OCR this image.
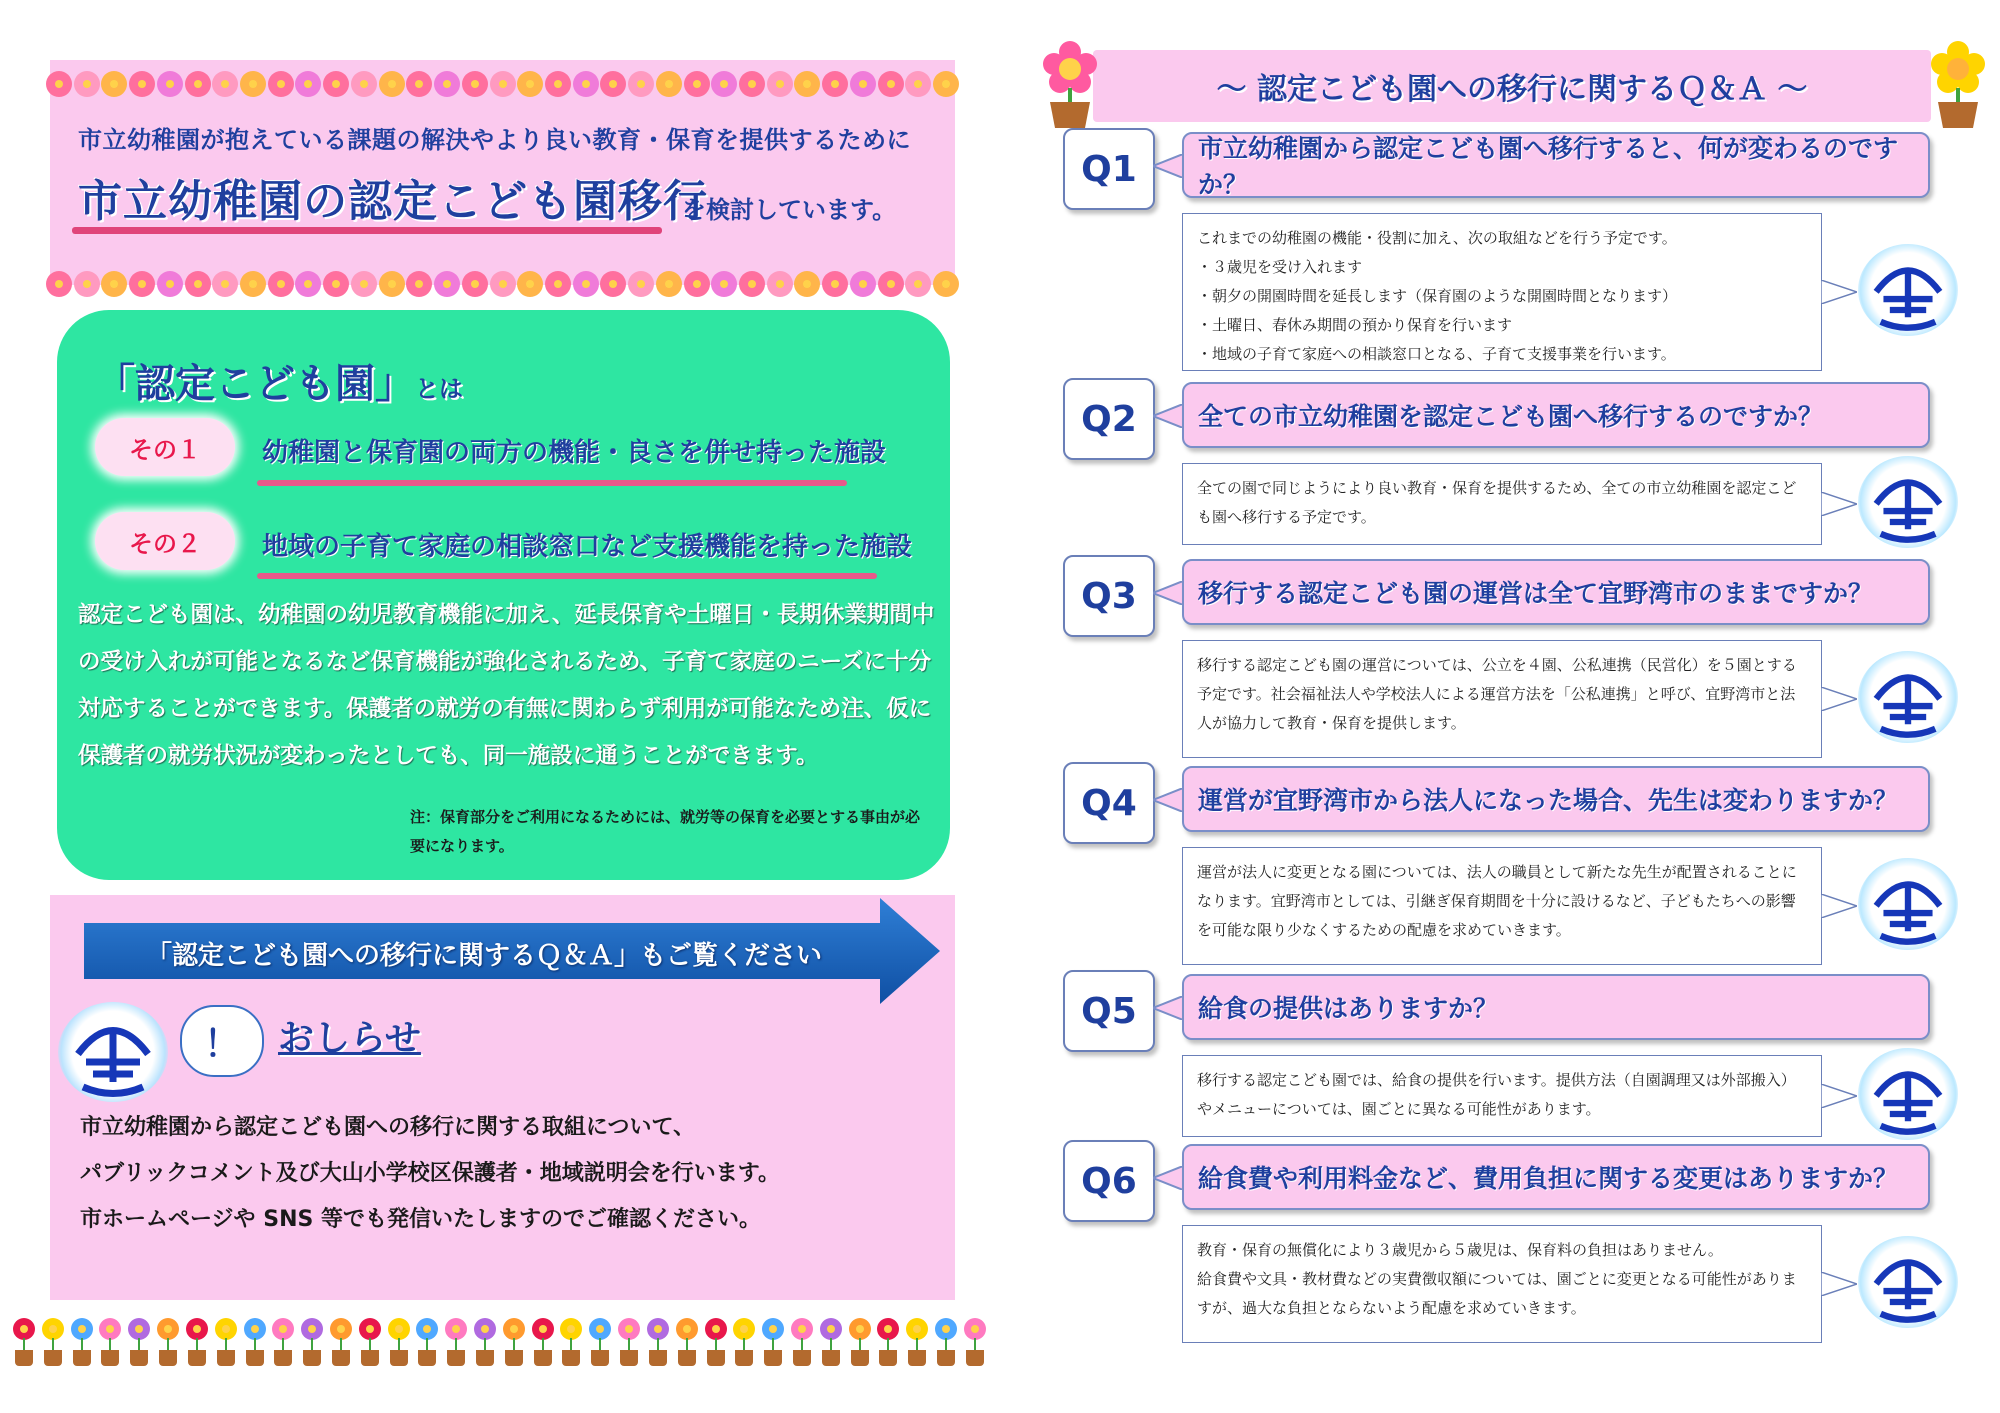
市立幼稚園が抱えている課題の解決やより良い教育・保育を提供するために
市立幼稚園の認定こども園移行
を検討しています。
「認定こども園」とは
その１	幼稚園と保育園の両方の機能・良さを併せ持った施設
その２	地域の子育て家庭の相談窓口など支援機能を持った施設
認定こども園は、幼稚園の幼児教育機能に加え、延長保育や土曜日・長期休業期間中の受け入れが可能となるなど保育機能が強化されるため、子育て家庭のニーズに十分対応することができます。保護者の就労の有無に関わらず利用が可能なため注、仮に保護者の就労状況が変わったとしても、同一施設に通うことができます。
注：保育部分をご利用になるためには、就労等の保育を必要とする事由が必要になります。
「認定こども園への移行に関するＱ＆Ａ」もご覧ください
！	おしらせ
市立幼稚園から認定こども園への移行に関する取組について、
パブリックコメント及び大山小学校区保護者・地域説明会を行います。
市ホームページや SNS 等でも発信いたしますのでご確認ください。
～ 認定こども園への移行に関するＱ＆Ａ ～
Q1	市立幼稚園から認定こども園へ移行すると、何が変わるのですか？
これまでの幼稚園の機能・役割に加え、次の取組などを行う予定です。
・３歳児を受け入れます
・朝夕の開園時間を延長します（保育園のような開園時間となります）
・土曜日、春休み期間の預かり保育を行います
・地域の子育て家庭への相談窓口となる、子育て支援事業を行います。
Q2	全ての市立幼稚園を認定こども園へ移行するのですか？
全ての園で同じようにより良い教育・保育を提供するため、全ての市立幼稚園を認定こども園へ移行する予定です。
Q3	移行する認定こども園の運営は全て宜野湾市のままですか？
移行する認定こども園の運営については、公立を４園、公私連携（民営化）を５園とする予定です。社会福祉法人や学校法人による運営方法を「公私連携」と呼び、宜野湾市と法人が協力して教育・保育を提供します。
Q4	運営が宜野湾市から法人になった場合、先生は変わりますか？
運営が法人に変更となる園については、法人の職員として新たな先生が配置されることになります。宜野湾市としては、引継ぎ保育期間を十分に設けるなど、子どもたちへの影響を可能な限り少なくするための配慮を求めていきます。
Q5	給食の提供はありますか？
移行する認定こども園では、給食の提供を行います。提供方法（自園調理又は外部搬入）やメニューについては、園ごとに異なる可能性があります。
Q6	給食費や利用料金など、費用負担に関する変更はありますか？
教育・保育の無償化により３歳児から５歳児は、保育料の負担はありません。
給食費や文具・教材費などの実費徴収額については、園ごとに変更となる可能性がありますが、過大な負担とならないよう配慮を求めていきます。
